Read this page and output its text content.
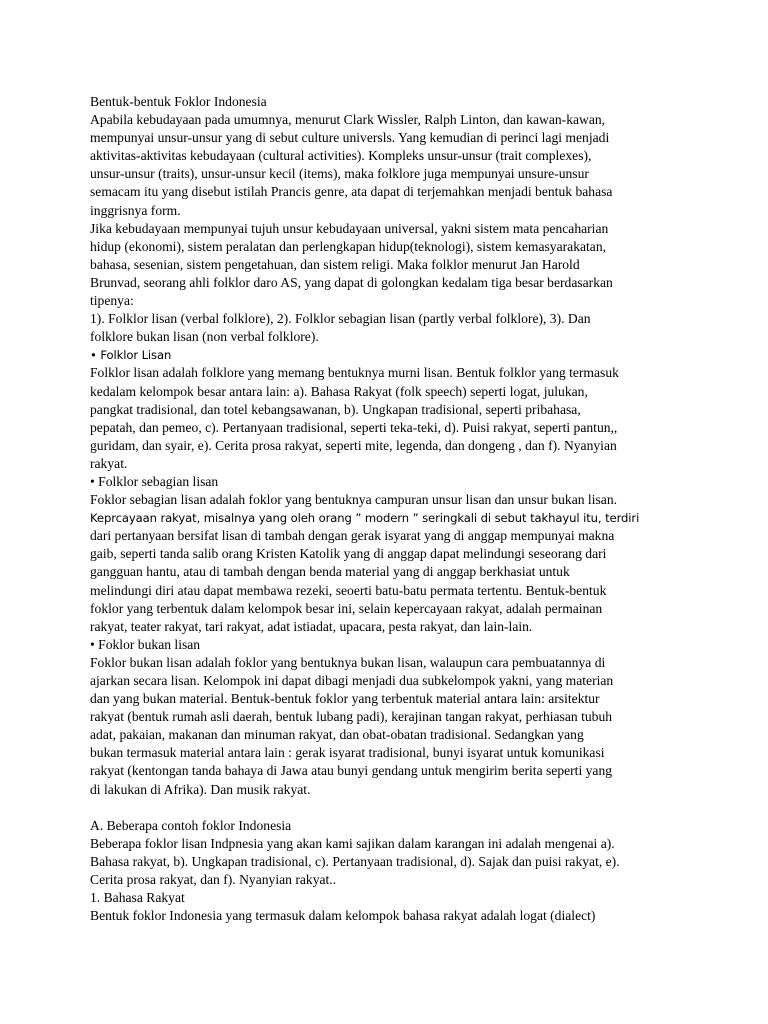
Bentuk-bentuk Foklor Indonesia

Apabila kebudayaan pada umumnya, menurut Clark Wissler, Ralph Linton, dan kawan-kawan,

mempunyai unsur-unsur yang di sebut culture universls. Yang kemudian di perinci lagi menjadi

aktivitas-aktivitas kebudayaan (cultural activities). Kompleks unsur-unsur (trait complexes),

unsur-unsur (traits), unsur-unsur kecil (items), maka folklore juga mempunyai unsure-unsur

semacam itu yang disebut istilah Prancis genre, ata dapat di terjemahkan menjadi bentuk bahasa

inggrisnya form.

Jika kebudayaan mempunyai tujuh unsur kebudayaan universal, yakni sistem mata pencaharian

hidup (ekonomi), sistem peralatan dan perlengkapan hidup(teknologi), sistem kemasyarakatan,

bahasa, sesenian, sistem pengetahuan, dan sistem religi. Maka folklor menurut Jan Harold

Brunvad, seorang ahli folklor daro AS, yang dapat di golongkan kedalam tiga besar berdasarkan

tipenya:

1). Folklor lisan (verbal folklore), 2). Folklor sebagian lisan (partly verbal folklore), 3). Dan

folklore bukan lisan (non verbal folklore).

• Folklor Lisan

Folklor lisan adalah folklore yang memang bentuknya murni lisan. Bentuk folklor yang termasuk

kedalam kelompok besar antara lain: a). Bahasa Rakyat (folk speech) seperti logat, julukan,

pangkat tradisional, dan totel kebangsawanan, b). Ungkapan tradisional, seperti pribahasa,

pepatah, dan pemeo, c). Pertanyaan tradisional, seperti teka-teki, d). Puisi rakyat, seperti pantun,,

guridam, dan syair, e). Cerita prosa rakyat, seperti mite, legenda, dan dongeng , dan f). Nyanyian

rakyat.

• Folklor sebagian lisan

Foklor sebagian lisan adalah foklor yang bentuknya campuran unsur lisan dan unsur bukan lisan.

Keprcayaan rakyat, misalnya yang oleh orang ” modern ” seringkali di sebut takhayul itu, terdiri

dari pertanyaan bersifat lisan di tambah dengan gerak isyarat yang di anggap mempunyai makna

gaib, seperti tanda salib orang Kristen Katolik yang di anggap dapat melindungi seseorang dari

gangguan hantu, atau di tambah dengan benda material yang di anggap berkhasiat untuk

melindungi diri atau dapat membawa rezeki, seoerti batu-batu permata tertentu. Bentuk-bentuk

foklor yang terbentuk dalam kelompok besar ini, selain kepercayaan rakyat, adalah permainan

rakyat, teater rakyat, tari rakyat, adat istiadat, upacara, pesta rakyat, dan lain-lain.

• Foklor bukan lisan

Foklor bukan lisan adalah foklor yang bentuknya bukan lisan, walaupun cara pembuatannya di

ajarkan secara lisan. Kelompok ini dapat dibagi menjadi dua subkelompok yakni, yang materian

dan yang bukan material. Bentuk-bentuk foklor yang terbentuk material antara lain: arsitektur

rakyat (bentuk rumah asli daerah, bentuk lubang padi), kerajinan tangan rakyat, perhiasan tubuh

adat, pakaian, makanan dan minuman rakyat, dan obat-obatan tradisional. Sedangkan yang

bukan termasuk material antara lain : gerak isyarat tradisional, bunyi isyarat untuk komunikasi

rakyat (kentongan tanda bahaya di Jawa atau bunyi gendang untuk mengirim berita seperti yang

di lakukan di Afrika). Dan musik rakyat.

A. Beberapa contoh foklor Indonesia

Beberapa foklor lisan Indpnesia yang akan kami sajikan dalam karangan ini adalah mengenai a).

Bahasa rakyat, b). Ungkapan tradisional, c). Pertanyaan tradisional, d). Sajak dan puisi rakyat, e).

Cerita prosa rakyat, dan f). Nyanyian rakyat..

1. Bahasa Rakyat

Bentuk foklor Indonesia yang termasuk dalam kelompok bahasa rakyat adalah logat (dialect)
